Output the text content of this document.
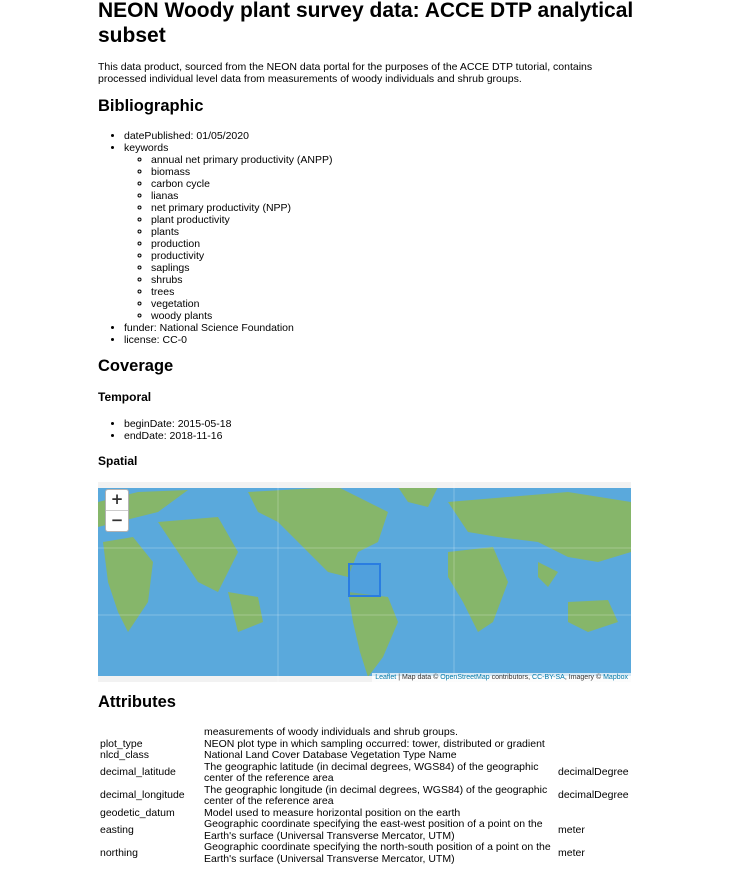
NEON Woody plant survey data: ACCE DTP analytical subset
This data product, sourced from the NEON data portal for the purposes of the ACCE DTP tutorial, contains processed individual level data from measurements of woody individuals and shrub groups.
Bibliographic
• datePublished: 01/05/2020
• keywords
◦ annual net primary productivity (ANPP)
◦ biomass
◦ carbon cycle
◦ lianas
◦ net primary productivity (NPP)
◦ plant productivity
◦ plants
◦ production
◦ productivity
◦ saplings
◦ shrubs
◦ trees
◦ vegetation
◦ woody plants
• funder: National Science Foundation
• license: CC-0
Coverage
Temporal
• beginDate: 2015-05-18
• endDate: 2018-11-16
Spatial
+
−
Leaflet | Map data © OpenStreetMap contributors, CC-BY-SA, Imagery © Mapbox
Attributes
	measurements of woody individuals and shrub groups.	
plot_type	NEON plot type in which sampling occurred: tower, distributed or gradient	
nlcd_class	National Land Cover Database Vegetation Type Name	
decimal_latitude	The geographic latitude (in decimal degrees, WGS84) of the geographic center of the reference area	decimalDegree
decimal_longitude	The geographic longitude (in decimal degrees, WGS84) of the geographic center of the reference area	decimalDegree
geodetic_datum	Model used to measure horizontal position on the earth	
easting	Geographic coordinate specifying the east-west position of a point on the Earth's surface (Universal Transverse Mercator, UTM)	meter
northing	Geographic coordinate specifying the north-south position of a point on the Earth's surface (Universal Transverse Mercator, UTM)	meter
